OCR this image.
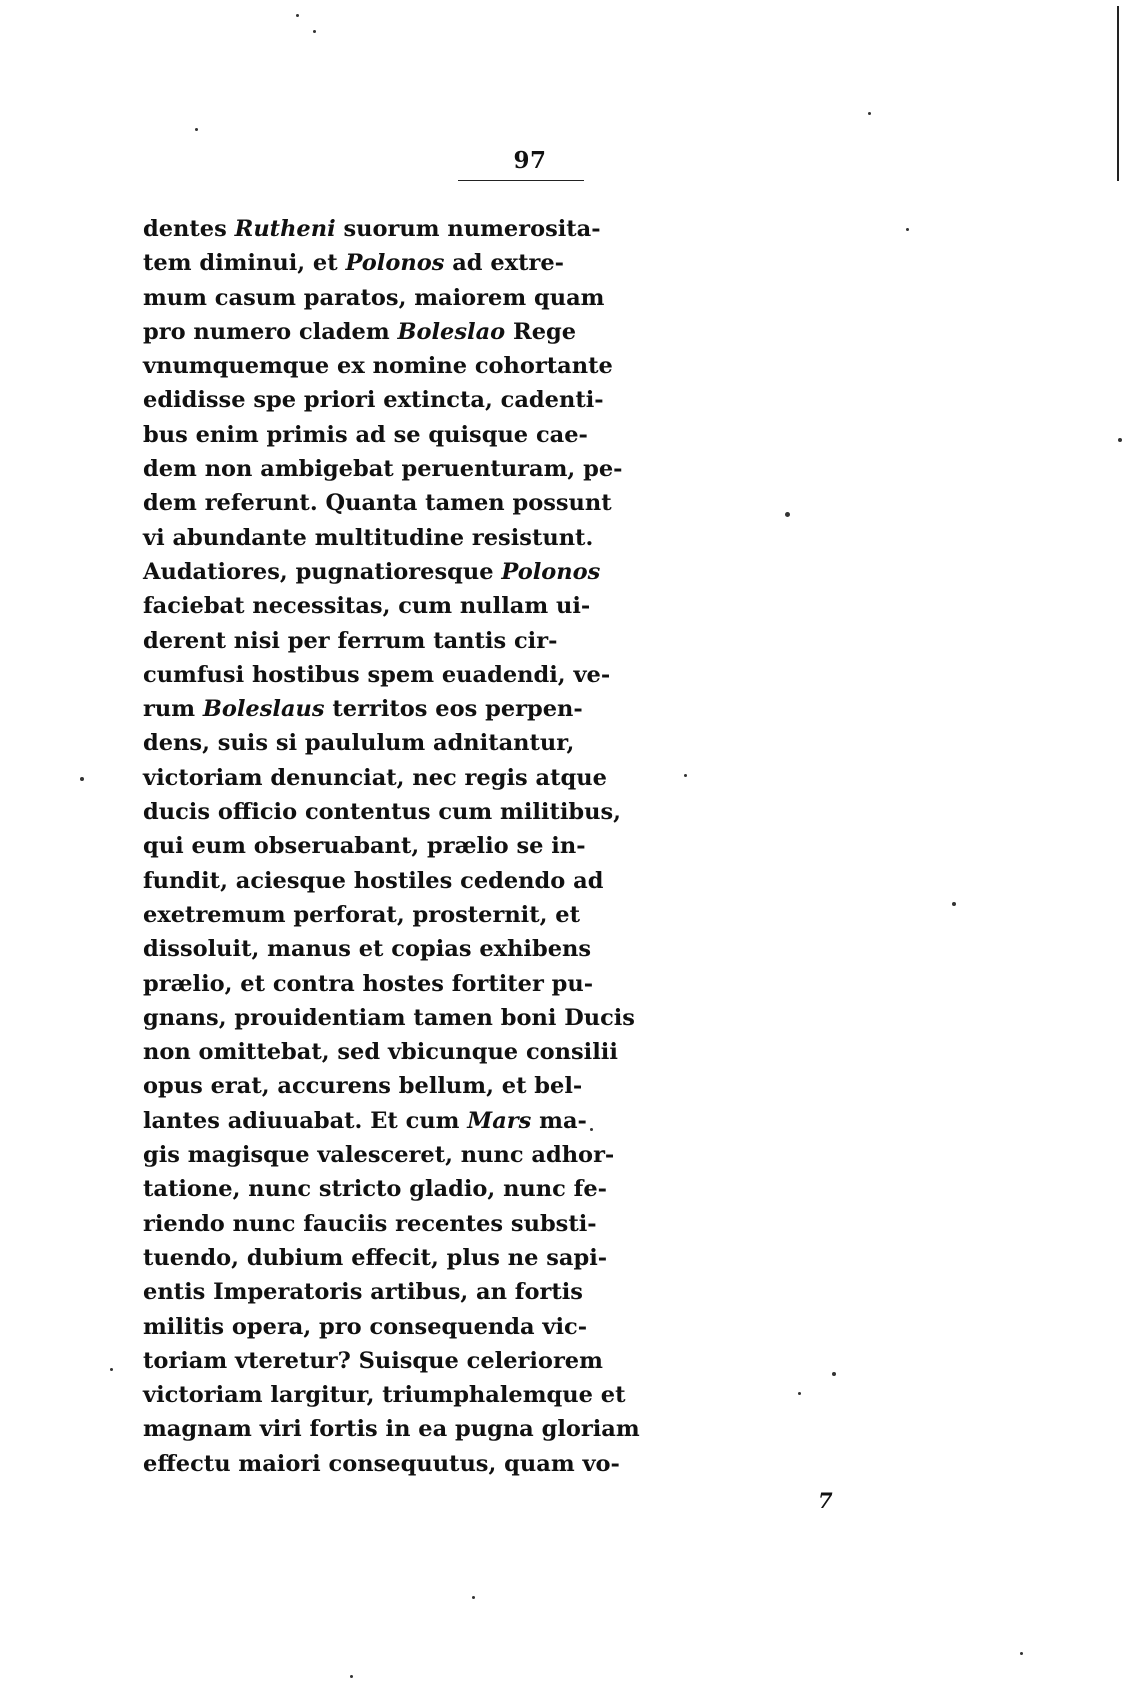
97
dentes Rutheni suorum numerosita-
tem diminui, et Polonos ad extre-
mum casum paratos, maiorem quam
pro numero cladem Boleslao Rege
vnumquemque ex nomine cohortante
edidisse spe priori extincta, cadenti-
bus enim primis ad se quisque cae-
dem non ambigebat peruenturam, pe-
dem referunt. Quanta tamen possunt
vi abundante multitudine resistunt.
Audatiores, pugnatioresque Polonos
faciebat necessitas, cum nullam ui-
derent nisi per ferrum tantis cir-
cumfusi hostibus spem euadendi, ve-
rum Boleslaus territos eos perpen-
dens, suis si paululum adnitantur,
victoriam denunciat, nec regis atque
ducis officio contentus cum militibus,
qui eum obseruabant, prælio se in-
fundit, aciesque hostiles cedendo ad
exetremum perforat, prosternit, et
dissoluit, manus et copias exhibens
prælio, et contra hostes fortiter pu-
gnans, prouidentiam tamen boni Ducis
non omittebat, sed vbicunque consilii
opus erat, accurens bellum, et bel-
lantes adiuuabat. Et cum Mars ma-
gis magisque valesceret, nunc adhor-
tatione, nunc stricto gladio, nunc fe-
riendo nunc fauciis recentes substi-
tuendo, dubium effecit, plus ne sapi-
entis Imperatoris artibus, an fortis
militis opera, pro consequenda vic-
toriam vteretur? Suisque celeriorem
victoriam largitur, triumphalemque et
magnam viri fortis in ea pugna gloriam
effectu maiori consequutus, quam vo-
7
